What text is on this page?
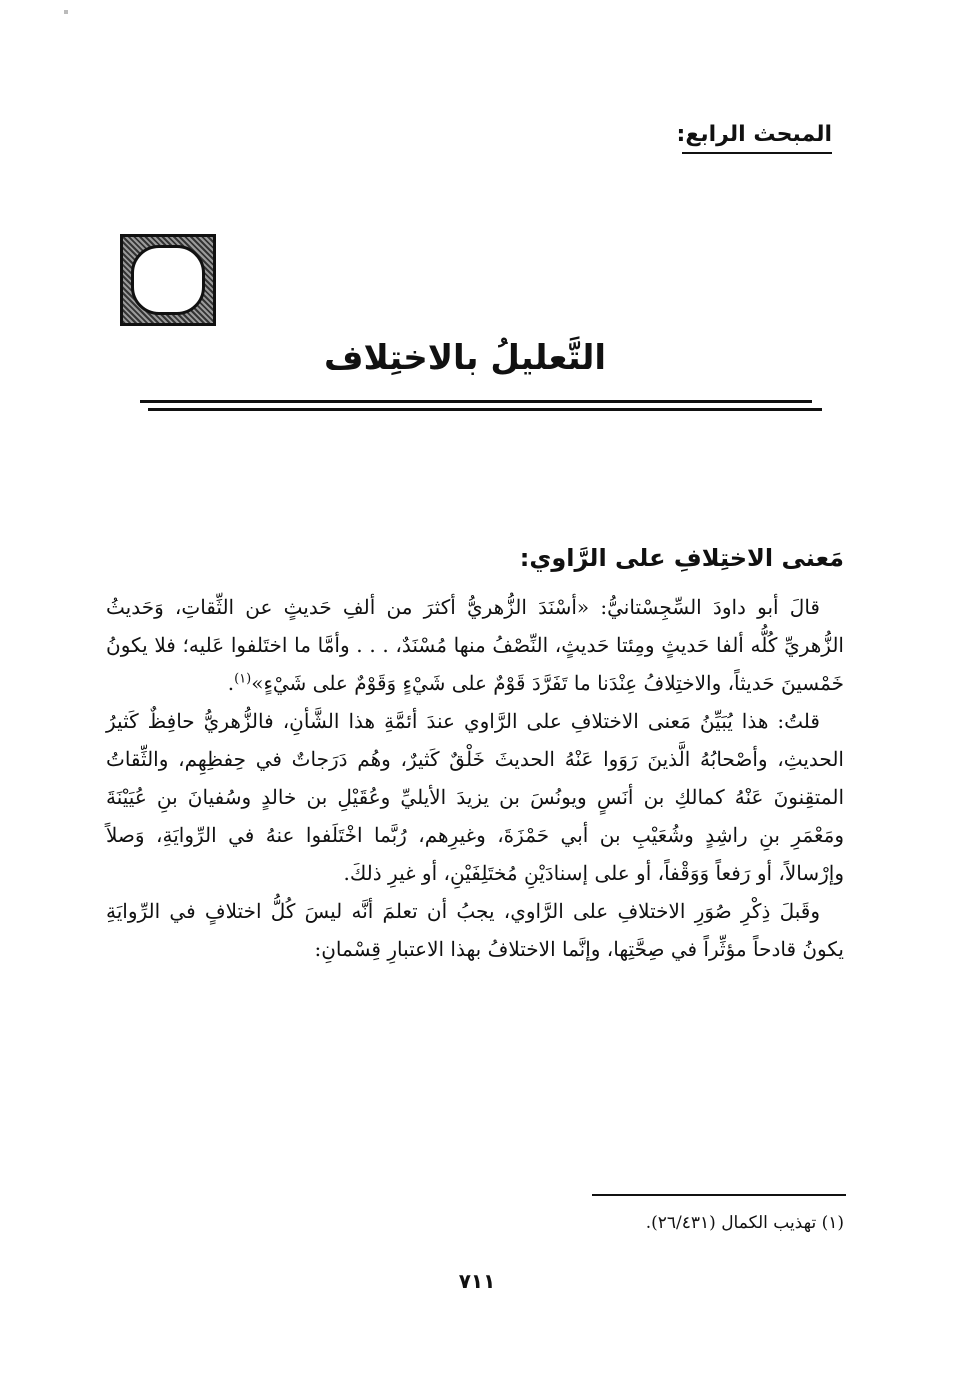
المبحث الرابع:
التَّعليلُ بالاختِلاف
مَعنى الاختِلافِ على الرَّاوي:

قالَ أبو داودَ السِّجِسْتانيُّ: «أسْنَدَ الزُّهريُّ أكثرَ من ألفِ حَديثٍ عن الثِّقاتِ، وَحَديثُ الزُّهريِّ كُلُّه ألفا حَديثٍ ومِئتا حَديثٍ، النِّصْفُ منها مُسْنَدٌ، . . . وأمَّا ما اختَلفوا عَليه؛ فلا يكونُ خَمْسينَ حَديثاً، والاختِلافُ عِنْدَنا ما تَفَرَّدَ قَوْمٌ على شَيْءٍ وَقَوْمٌ على شَيْءٍ»$^{(١)}$.

قلتُ: هذا يُبَيِّنُ مَعنى الاختلافِ على الرَّاوي عندَ أئمَّةِ هذا الشَّأنِ، فالزُّهريُّ حافِظٌ كَثيرُ الحديثِ، وأصْحابُهُ الَّذينَ رَوَوا عَنْهُ الحديثَ خَلْقٌ كَثيرٌ، وهُم دَرَجاتٌ في حِفظِهِم، والثِّقاتُ المتقِنونَ عَنْهُ كمالكِ بن أنَسٍ ويونُسَ بن يزيدَ الأيليِّ وعُقَيْلِ بن خالدٍ وسُفيانَ بنِ عُيَيْنَةَ ومَعْمَرِ بنِ راشِدٍ وشُعَيْبِ بن أبي حَمْزَةَ، وغيرِهم، رُبَّما اخْتَلَفوا عنهُ في الرِّوايَةِ، وَصلاً وإرْسالاً، أو رَفعاً وَوَقْفاً، أو على إسنادَيْنِ مُختَلِفَيْنِ، أو غيرِ ذلكَ.

وقَبلَ ذِكْرِ صُوَرِ الاختلافِ على الرَّاوي، يجبُ أن تعلمَ أنَّه ليسَ كُلُّ اختلافٍ في الرِّوايَةِ يكونُ قادحاً مؤثِّراً في صِحَّتِها، وإنَّما الاختلافُ بهذا الاعتبارِ قِسْمانِ:

(١) تهذيب الكمال (٢٦/٤٣١).
٧١١
